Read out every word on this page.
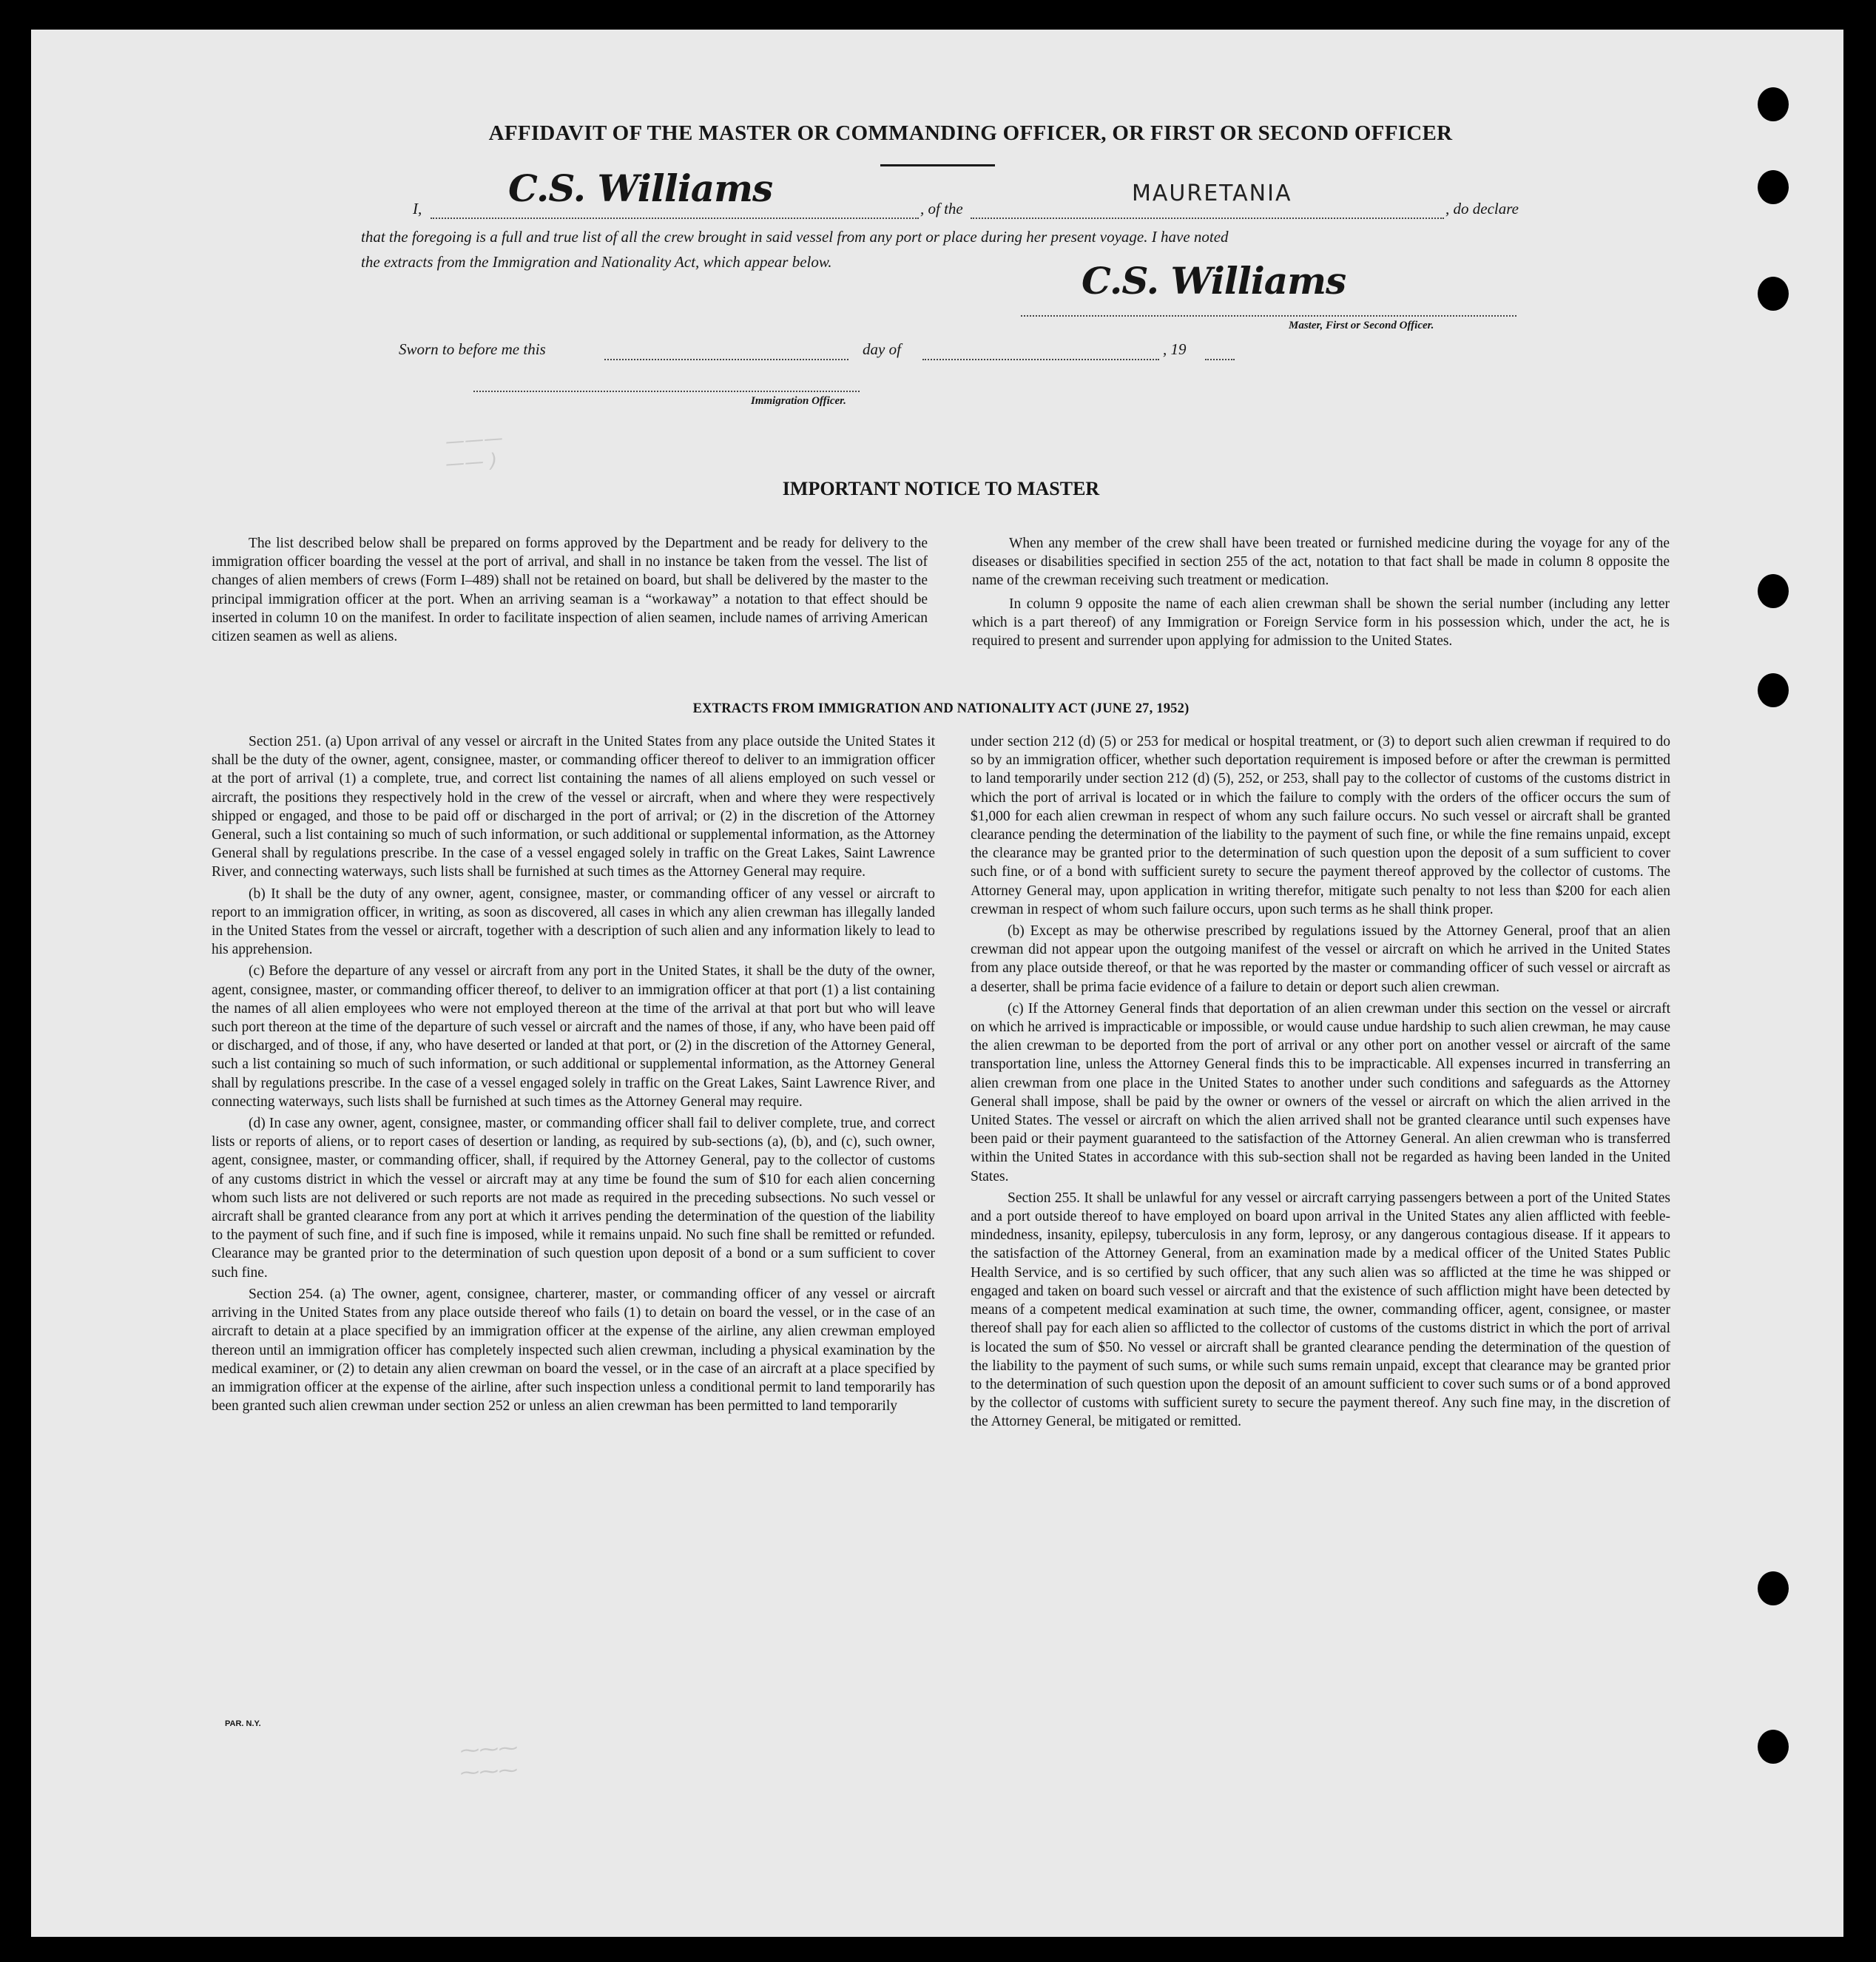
AFFIDAVIT OF THE MASTER OR COMMANDING OFFICER, OR FIRST OR SECOND OFFICER
I, C.S. Williams	, of the
MAURETANIA
, do declare
that the foregoing is a full and true list of all the crew brought in said vessel from any port or place during her present voyage. I have noted
the extracts from the Immigration and Nationality Act, which appear below.	C.S. Williams
Master, First or Second Officer.
Sworn to before me this	day of	, 19
Immigration Officer.
———
—— )
IMPORTANT NOTICE TO MASTER

The list described below shall be prepared on forms approved by the Department and be ready for delivery to the immigration officer boarding the vessel at the port of arrival, and shall in no instance be taken from the vessel. The list of changes of alien members of crews (Form I–489) shall not be retained on board, but shall be delivered by the master to the principal immigration officer at the port. When an arriving seaman is a “workaway” a notation to that effect should be inserted in column 10 on the manifest. In order to facilitate inspection of alien seamen, include names of arriving American citizen seamen as well as aliens.

When any member of the crew shall have been treated or furnished medicine during the voyage for any of the diseases or disabilities specified in section 255 of the act, notation to that fact shall be made in column 8 opposite the name of the crewman receiving such treatment or medication.

In column 9 opposite the name of each alien crewman shall be shown the serial number (including any letter which is a part thereof) of any Immigration or Foreign Service form in his possession which, under the act, he is required to present and surrender upon applying for admission to the United States.

EXTRACTS FROM IMMIGRATION AND NATIONALITY ACT (JUNE 27, 1952)

Section 251. (a) Upon arrival of any vessel or aircraft in the United States from any place outside the United States it shall be the duty of the owner, agent, consignee, master, or commanding officer thereof to deliver to an immigration officer at the port of arrival (1) a complete, true, and correct list containing the names of all aliens employed on such vessel or aircraft, the positions they respectively hold in the crew of the vessel or aircraft, when and where they were respectively shipped or engaged, and those to be paid off or discharged in the port of arrival; or (2) in the discretion of the Attorney General, such a list containing so much of such information, or such additional or supplemental information, as the Attorney General shall by regulations prescribe. In the case of a vessel engaged solely in traffic on the Great Lakes, Saint Lawrence River, and connecting waterways, such lists shall be furnished at such times as the Attorney General may require.

(b) It shall be the duty of any owner, agent, consignee, master, or commanding officer of any vessel or aircraft to report to an immigration officer, in writing, as soon as discovered, all cases in which any alien crewman has illegally landed in the United States from the vessel or aircraft, together with a description of such alien and any information likely to lead to his apprehension.

(c) Before the departure of any vessel or aircraft from any port in the United States, it shall be the duty of the owner, agent, consignee, master, or commanding officer thereof, to deliver to an immigration officer at that port (1) a list containing the names of all alien employees who were not employed thereon at the time of the arrival at that port but who will leave such port thereon at the time of the departure of such vessel or aircraft and the names of those, if any, who have been paid off or discharged, and of those, if any, who have deserted or landed at that port, or (2) in the discretion of the Attorney General, such a list containing so much of such information, or such additional or supplemental information, as the Attorney General shall by regulations prescribe. In the case of a vessel engaged solely in traffic on the Great Lakes, Saint Lawrence River, and connecting waterways, such lists shall be furnished at such times as the Attorney General may require.

(d) In case any owner, agent, consignee, master, or commanding officer shall fail to deliver complete, true, and correct lists or reports of aliens, or to report cases of desertion or landing, as required by sub-sections (a), (b), and (c), such owner, agent, consignee, master, or commanding officer, shall, if required by the Attorney General, pay to the collector of customs of any customs district in which the vessel or aircraft may at any time be found the sum of $10 for each alien concerning whom such lists are not delivered or such reports are not made as required in the preceding subsections. No such vessel or aircraft shall be granted clearance from any port at which it arrives pending the determination of the question of the liability to the payment of such fine, and if such fine is imposed, while it remains unpaid. No such fine shall be remitted or refunded. Clearance may be granted prior to the determination of such question upon deposit of a bond or a sum sufficient to cover such fine.

Section 254. (a) The owner, agent, consignee, charterer, master, or commanding officer of any vessel or aircraft arriving in the United States from any place outside thereof who fails (1) to detain on board the vessel, or in the case of an aircraft to detain at a place specified by an immigration officer at the expense of the airline, any alien crewman employed thereon until an immigration officer has completely inspected such alien crewman, including a physical examination by the medical examiner, or (2) to detain any alien crewman on board the vessel, or in the case of an aircraft at a place specified by an immigration officer at the expense of the airline, after such inspection unless a conditional permit to land temporarily has been granted such alien crewman under section 252 or unless an alien crewman has been permitted to land temporarily

under section 212 (d) (5) or 253 for medical or hospital treatment, or (3) to deport such alien crewman if required to do so by an immigration officer, whether such deportation requirement is imposed before or after the crewman is permitted to land temporarily under section 212 (d) (5), 252, or 253, shall pay to the collector of customs of the customs district in which the port of arrival is located or in which the failure to comply with the orders of the officer occurs the sum of $1,000 for each alien crewman in respect of whom any such failure occurs. No such vessel or aircraft shall be granted clearance pending the determination of the liability to the payment of such fine, or while the fine remains unpaid, except the clearance may be granted prior to the determination of such question upon the deposit of a sum sufficient to cover such fine, or of a bond with sufficient surety to secure the payment thereof approved by the collector of customs. The Attorney General may, upon application in writing therefor, mitigate such penalty to not less than $200 for each alien crewman in respect of whom such failure occurs, upon such terms as he shall think proper.

(b) Except as may be otherwise prescribed by regulations issued by the Attorney General, proof that an alien crewman did not appear upon the outgoing manifest of the vessel or aircraft on which he arrived in the United States from any place outside thereof, or that he was reported by the master or commanding officer of such vessel or aircraft as a deserter, shall be prima facie evidence of a failure to detain or deport such alien crewman.

(c) If the Attorney General finds that deportation of an alien crewman under this section on the vessel or aircraft on which he arrived is impracticable or impossible, or would cause undue hardship to such alien crewman, he may cause the alien crewman to be deported from the port of arrival or any other port on another vessel or aircraft of the same transportation line, unless the Attorney General finds this to be impracticable. All expenses incurred in transferring an alien crewman from one place in the United States to another under such conditions and safeguards as the Attorney General shall impose, shall be paid by the owner or owners of the vessel or aircraft on which the alien arrived in the United States. The vessel or aircraft on which the alien arrived shall not be granted clearance until such expenses have been paid or their payment guaranteed to the satisfaction of the Attorney General. An alien crewman who is transferred within the United States in accordance with this sub-section shall not be regarded as having been landed in the United States.

Section 255. It shall be unlawful for any vessel or aircraft carrying passengers between a port of the United States and a port outside thereof to have employed on board upon arrival in the United States any alien afflicted with feeble-mindedness, insanity, epilepsy, tuberculosis in any form, leprosy, or any dangerous contagious disease. If it appears to the satisfaction of the Attorney General, from an examination made by a medical officer of the United States Public Health Service, and is so certified by such officer, that any such alien was so afflicted at the time he was shipped or engaged and taken on board such vessel or aircraft and that the existence of such affliction might have been detected by means of a competent medical examination at such time, the owner, commanding officer, agent, consignee, or master thereof shall pay for each alien so afflicted to the collector of customs of the customs district in which the port of arrival is located the sum of $50. No vessel or aircraft shall be granted clearance pending the determination of the question of the liability to the payment of such sums, or while such sums remain unpaid, except that clearance may be granted prior to the determination of such question upon the deposit of an amount sufficient to cover such sums or of a bond approved by the collector of customs with sufficient surety to secure the payment thereof. Any such fine may, in the discretion of the Attorney General, be mitigated or remitted.

PAR. N.Y.
⁓⁓⁓
⁓⁓⁓
